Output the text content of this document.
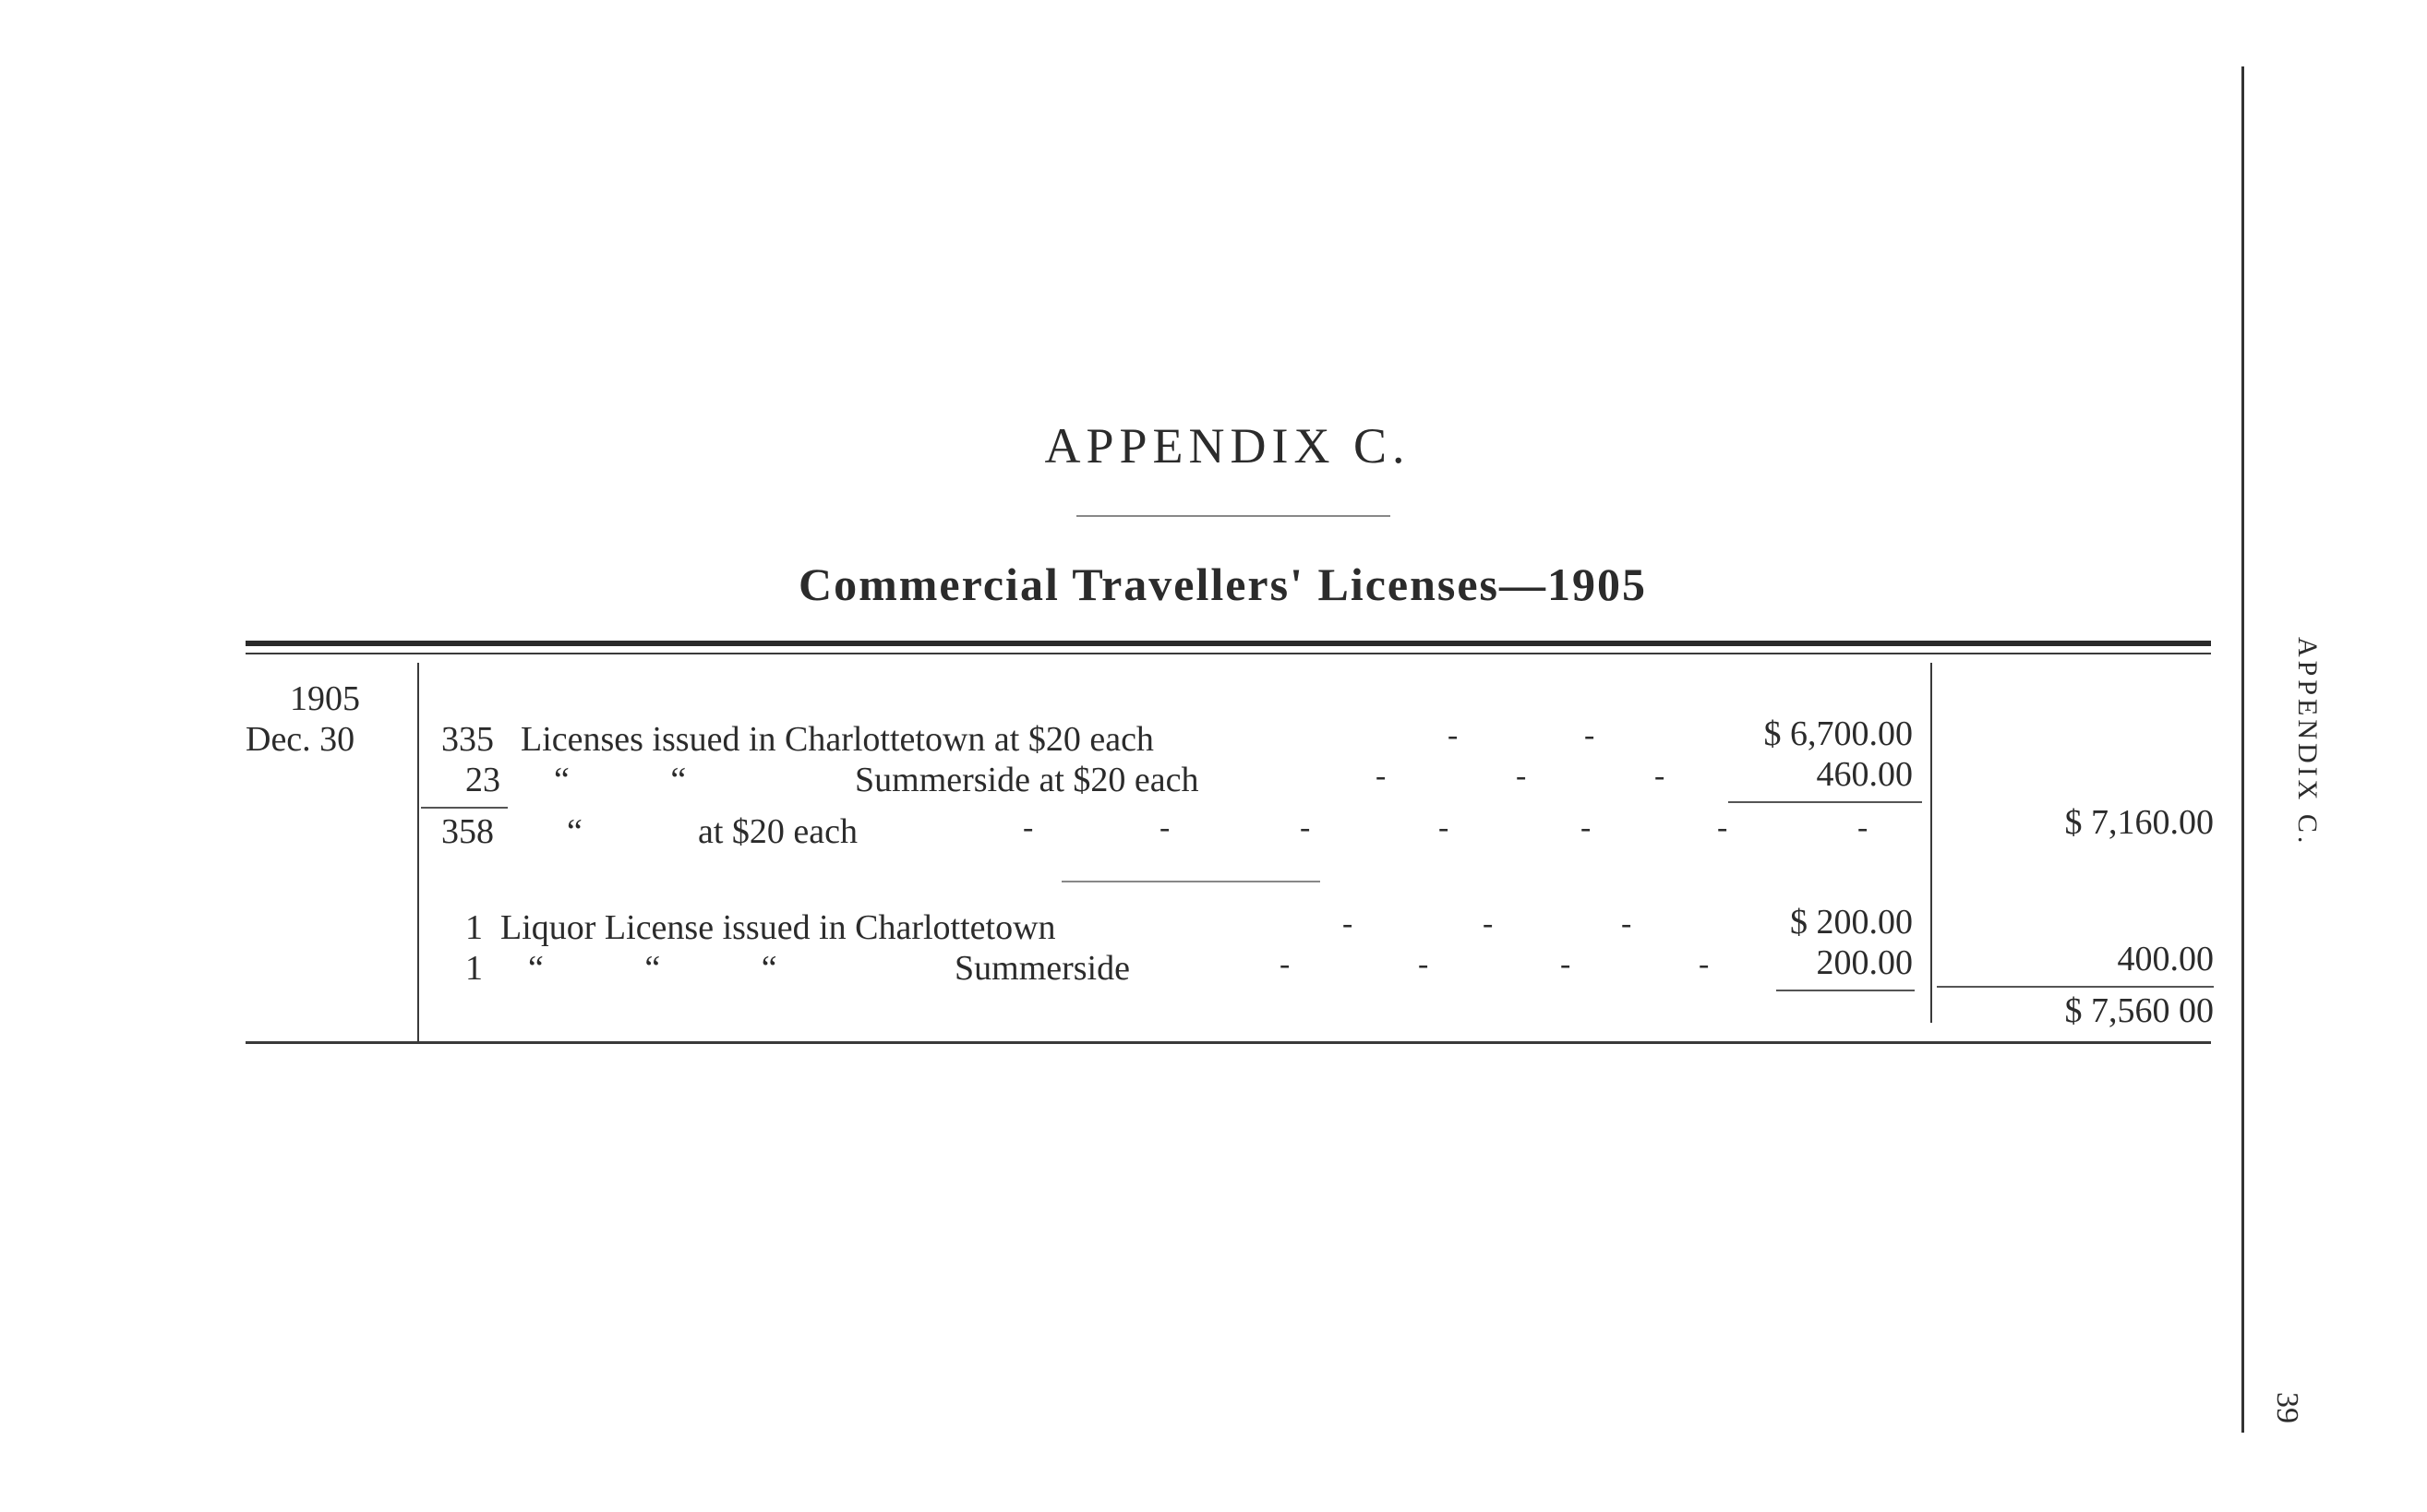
APPENDIX C.
Commercial Travellers' Licenses—1905
1905
Dec. 30 335 Licenses issued in Charlottetown at $20 each	-	-	$ 6,700.00
23 “ “	Summerside at $20 each	-	-	-	460.00
358 “	at $20 each	-	-	-	-	-	-	-	$ 7,160.00
1 Liquor License issued in Charlottetown	-	-	-	$ 200.00
1 “ “ “	Summerside	-	-	-	-	200.00	400.00
$ 7,560 00
APPENDIX C.
39
